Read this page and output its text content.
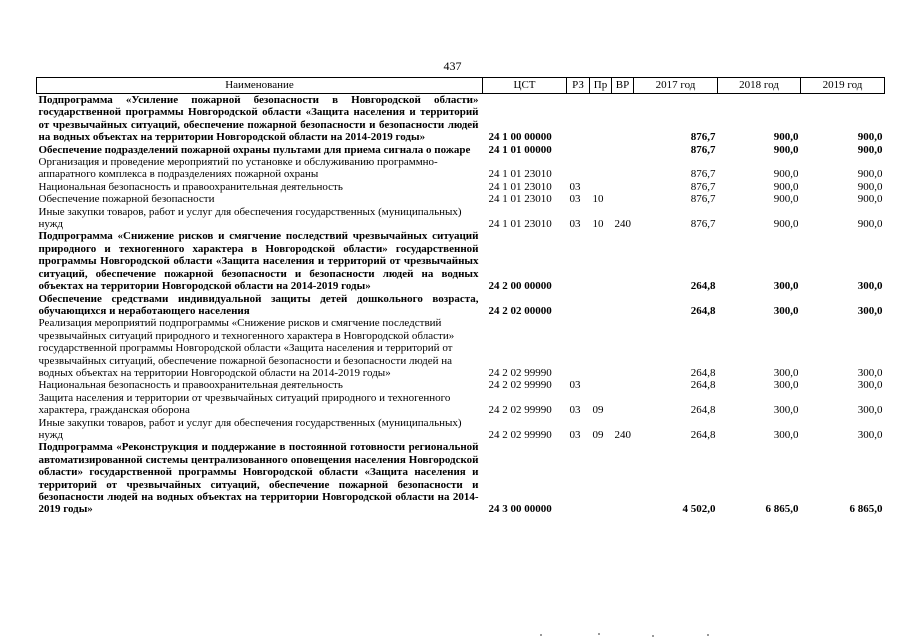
437
Наименование	ЦСТ	РЗ	Пр	ВР	2017 год	2018 год	2019 год
Подпрограмма «Усиление пожарной безопасности в Новгородской области» государственной программы Новгородской области «Защита населения и территорий от чрезвычайных ситуаций, обеспечение пожарной безопасности и безопасности людей на водных объектах на территории Новгородской области на 2014-2019 годы»	24 1 00 00000				876,7	900,0	900,0
Обеспечение подразделений пожарной охраны пультами для приема сигнала о пожаре	24 1 01 00000				876,7	900,0	900,0
Организация и проведение мероприятий по установке и обслуживанию программно-аппаратного комплекса в подразделениях пожарной охраны	24 1 01 23010				876,7	900,0	900,0
Национальная безопасность и правоохранительная деятельность	24 1 01 23010	03			876,7	900,0	900,0
Обеспечение пожарной безопасности	24 1 01 23010	03	10		876,7	900,0	900,0
Иные закупки товаров, работ и услуг для обеспечения государственных (муниципальных) нужд	24 1 01 23010	03	10	240	876,7	900,0	900,0
Подпрограмма «Снижение рисков и смягчение последствий чрезвычайных ситуаций природного и техногенного характера в Новгородской области» государственной программы Новгородской области «Защита населения и территорий от чрезвычайных ситуаций, обеспечение пожарной безопасности и безопасности людей на водных объектах на территории Новгородской области на 2014-2019 годы»	24 2 00 00000				264,8	300,0	300,0
Обеспечение средствами индивидуальной защиты детей дошкольного возраста, обучающихся и неработающего населения	24 2 02 00000				264,8	300,0	300,0
Реализация мероприятий подпрограммы «Снижение рисков и смягчение последствий чрезвычайных ситуаций природного и техногенного характера в Новгородской области» государственной программы Новгородской области «Защита населения и территорий от чрезвычайных ситуаций, обеспечение пожарной безопасности и безопасности людей на водных объектах на территории Новгородской области на 2014-2019 годы»	24 2 02 99990				264,8	300,0	300,0
Национальная безопасность и правоохранительная деятельность	24 2 02 99990	03			264,8	300,0	300,0
Защита населения и территории от чрезвычайных ситуаций природного и техногенного характера, гражданская оборона	24 2 02 99990	03	09		264,8	300,0	300,0
Иные закупки товаров, работ и услуг для обеспечения государственных (муниципальных) нужд	24 2 02 99990	03	09	240	264,8	300,0	300,0
Подпрограмма «Реконструкция и поддержание в постоянной готовности региональной автоматизированной системы централизованного оповещения населения Новгородской области» государственной программы Новгородской области «Защита населения и территорий от чрезвычайных ситуаций, обеспечение пожарной безопасности и безопасности людей на водных объектах на территории Новгородской области на 2014-2019 годы»	24 3 00 00000				4 502,0	6 865,0	6 865,0
